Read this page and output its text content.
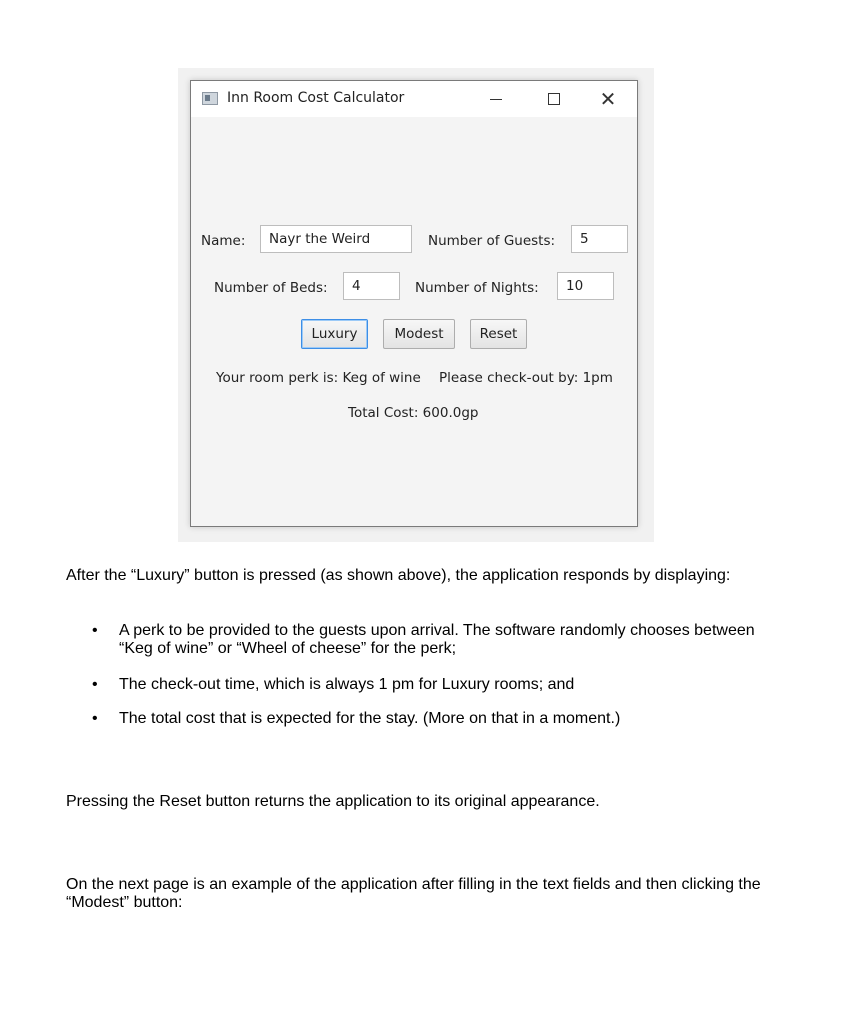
Inn Room Cost Calculator	✕
Name:	Nayr the Weird	Number of Guests:	5
Number of Beds:	4	Number of Nights:	10
Luxury	Modest	Reset
Your room perk is: Keg of wine Please check-out by: 1pm
Total Cost: 600.0gp
After the “Luxury” button is pressed (as shown above), the application responds by displaying:
• A perk to be provided to the guests upon arrival. The software randomly chooses between “Keg of wine” or “Wheel of cheese” for the perk;
• The check-out time, which is always 1 pm for Luxury rooms; and
• The total cost that is expected for the stay. (More on that in a moment.)
Pressing the Reset button returns the application to its original appearance.
On the next page is an example of the application after filling in the text fields and then clicking the “Modest” button:
